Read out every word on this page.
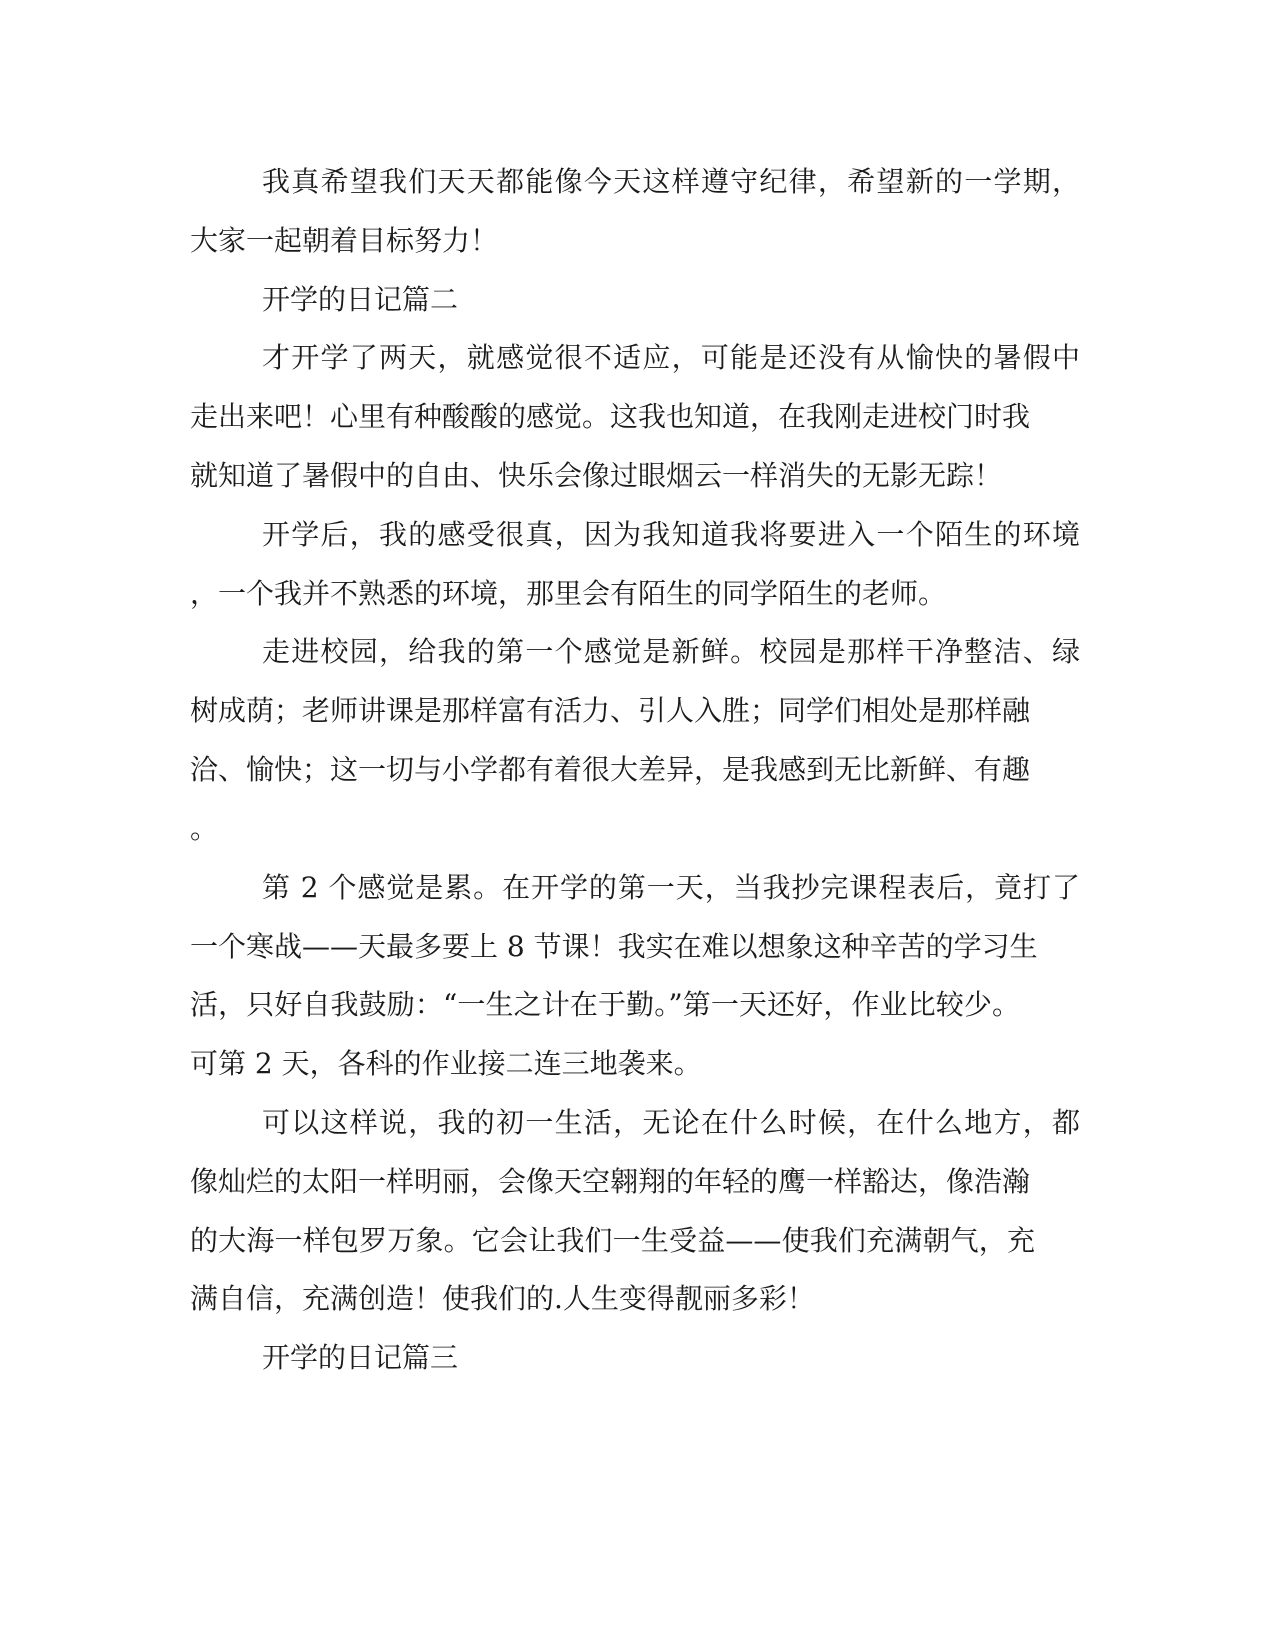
我真希望我们天天都能像今天这样遵守纪律，希望新的一学期，
大家一起朝着目标努力！
开学的日记篇二
才开学了两天，就感觉很不适应，可能是还没有从愉快的暑假中
走出来吧！心里有种酸酸的感觉。这我也知道，在我刚走进校门时我
就知道了暑假中的自由、快乐会像过眼烟云一样消失的无影无踪！
开学后，我的感受很真，因为我知道我将要进入一个陌生的环境
，一个我并不熟悉的环境，那里会有陌生的同学陌生的老师。
走进校园，给我的第一个感觉是新鲜。校园是那样干净整洁、绿
树成荫；老师讲课是那样富有活力、引人入胜；同学们相处是那样融
洽、愉快；这一切与小学都有着很大差异，是我感到无比新鲜、有趣
。
第 2 个感觉是累。在开学的第一天，当我抄完课程表后，竟打了
一个寒战——天最多要上 8 节课！我实在难以想象这种辛苦的学习生
活，只好自我鼓励：“一生之计在于勤。”第一天还好，作业比较少。
可第 2 天，各科的作业接二连三地袭来。
可以这样说，我的初一生活，无论在什么时候，在什么地方，都
像灿烂的太阳一样明丽，会像天空翱翔的年轻的鹰一样豁达，像浩瀚
的大海一样包罗万象。它会让我们一生受益——使我们充满朝气，充
满自信，充满创造！使我们的.人生变得靓丽多彩！
开学的日记篇三
